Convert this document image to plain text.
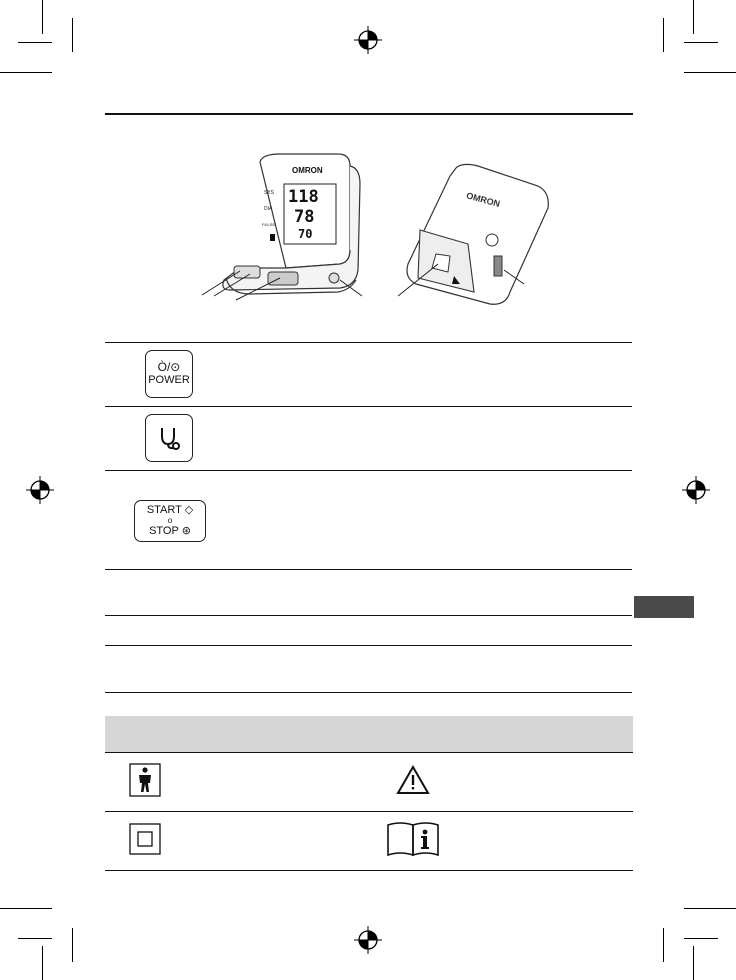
OMRON
SYS
DIA
PULSE
118
78
70
OMRON
Ò/⊙
POWER
START ◇
o
STOP ⊛
